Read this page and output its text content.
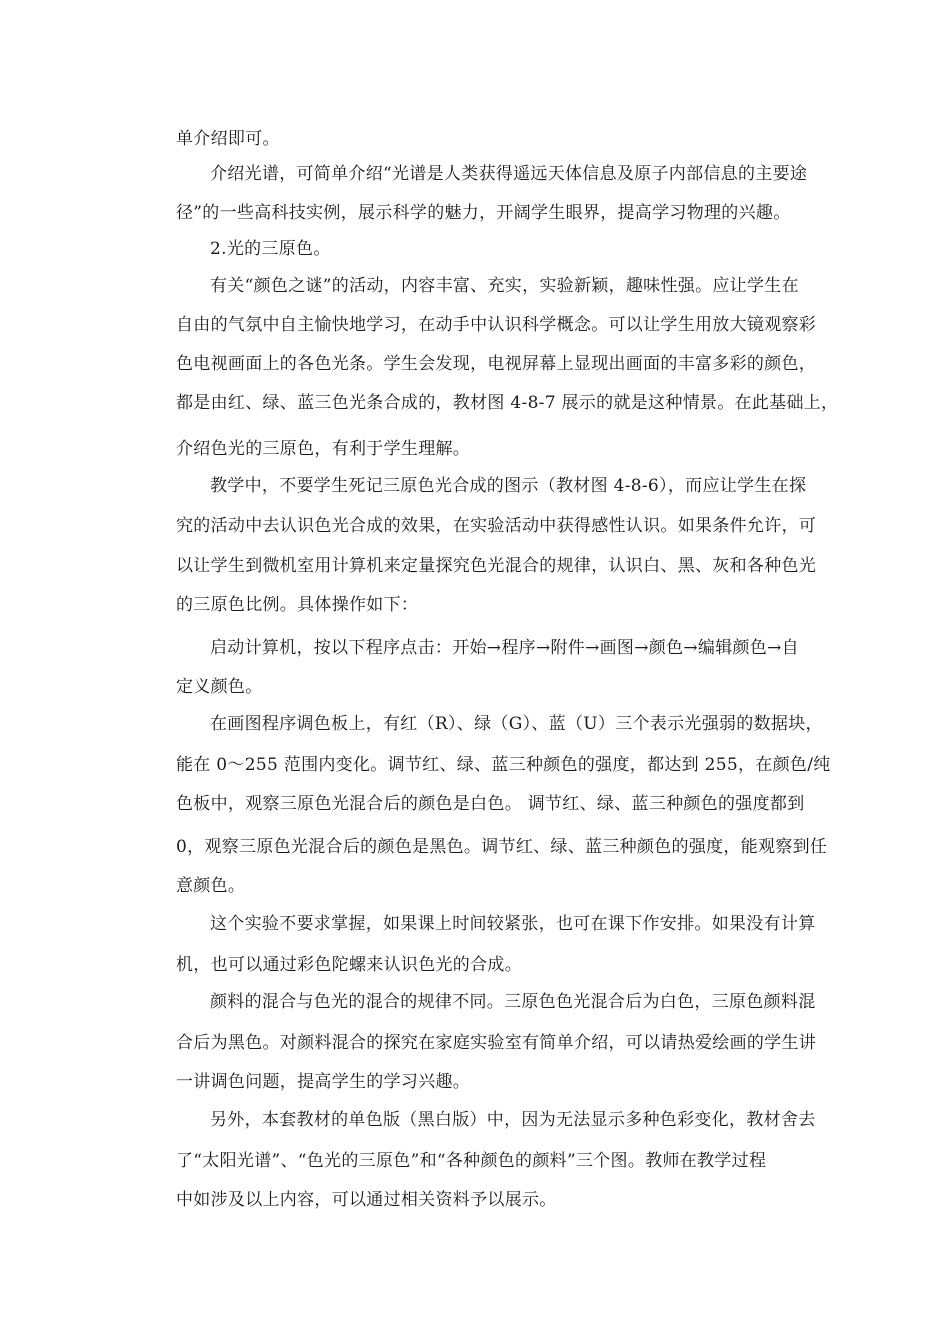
单介绍即可。
介绍光谱，可简单介绍“光谱是人类获得遥远天体信息及原子内部信息的主要途
径”的一些高科技实例，展示科学的魅力，开阔学生眼界，提高学习物理的兴趣。
2.光的三原色。
有关“颜色之谜”的活动，内容丰富、充实，实验新颖，趣味性强。应让学生在
自由的气氛中自主愉快地学习，在动手中认识科学概念。可以让学生用放大镜观察彩
色电视画面上的各色光条。学生会发现，电视屏幕上显现出画面的丰富多彩的颜色，
都是由红、绿、蓝三色光条合成的，教材图 4-8-7 展示的就是这种情景。在此基础上，
介绍色光的三原色，有利于学生理解。
教学中，不要学生死记三原色光合成的图示（教材图 4-8-6），而应让学生在探
究的活动中去认识色光合成的效果，在实验活动中获得感性认识。如果条件允许，可
以让学生到微机室用计算机来定量探究色光混合的规律，认识白、黑、灰和各种色光
的三原色比例。具体操作如下：
启动计算机，按以下程序点击：开始→程序→附件→画图→颜色→编辑颜色→自
定义颜色。
在画图程序调色板上，有红（R）、绿（G）、蓝（U）三个表示光强弱的数据块，
能在 0～255 范围内变化。调节红、绿、蓝三种颜色的强度，都达到 255，在颜色/纯
色板中，观察三原色光混合后的颜色是白色。 调节红、绿、蓝三种颜色的强度都到
0，观察三原色光混合后的颜色是黑色。调节红、绿、蓝三种颜色的强度，能观察到任
意颜色。
这个实验不要求掌握，如果课上时间较紧张，也可在课下作安排。如果没有计算
机，也可以通过彩色陀螺来认识色光的合成。
颜料的混合与色光的混合的规律不同。三原色色光混合后为白色，三原色颜料混
合后为黑色。对颜料混合的探究在家庭实验室有简单介绍，可以请热爱绘画的学生讲
一讲调色问题，提高学生的学习兴趣。
另外，本套教材的单色版（黑白版）中，因为无法显示多种色彩变化，教材舍去
了“太阳光谱”、“色光的三原色”和“各种颜色的颜料”三个图。教师在教学过程
中如涉及以上内容，可以通过相关资料予以展示。
